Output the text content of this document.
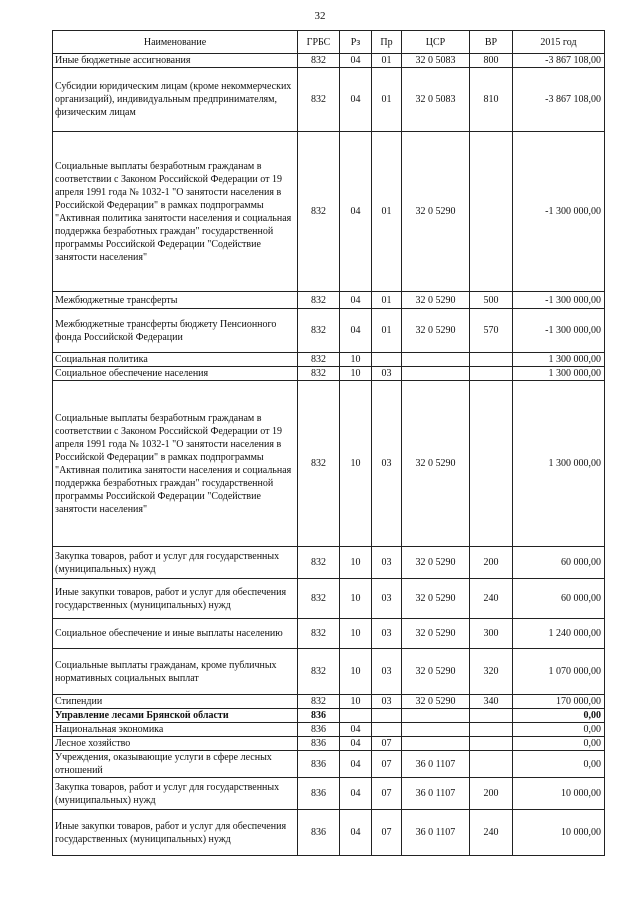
32
Наименование	ГРБС	Рз	Пр	ЦСР	ВР	2015 год
Иные бюджетные ассигнования	832	04	01	32 0 5083	800	-3 867 108,00
Субсидии юридическим лицам (кроме некоммерческих организаций), индивидуальным предпринимателям, физическим лицам	832	04	01	32 0 5083	810	-3 867 108,00
Социальные выплаты безработным гражданам в соответствии с Законом Российской Федерации от 19 апреля 1991 года № 1032-1 "О занятости населения в Российской Федерации" в рамках подпрограммы "Активная политика занятости населения и социальная поддержка безработных граждан" государственной программы Российской Федерации "Содействие занятости населения"	832	04	01	32 0 5290		-1 300 000,00
Межбюджетные трансферты	832	04	01	32 0 5290	500	-1 300 000,00
Межбюджетные трансферты бюджету Пенсионного фонда Российской Федерации	832	04	01	32 0 5290	570	-1 300 000,00
Социальная политика	832	10				1 300 000,00
Социальное обеспечение населения	832	10	03			1 300 000,00
Социальные выплаты безработным гражданам в соответствии с Законом Российской Федерации от 19 апреля 1991 года № 1032-1 "О занятости населения в Российской Федерации" в рамках подпрограммы "Активная политика занятости населения и социальная поддержка безработных граждан" государственной программы Российской Федерации "Содействие занятости населения"	832	10	03	32 0 5290		1 300 000,00
Закупка товаров, работ и услуг для государственных (муниципальных) нужд	832	10	03	32 0 5290	200	60 000,00
Иные закупки товаров, работ и услуг для обеспечения государственных (муниципальных) нужд	832	10	03	32 0 5290	240	60 000,00
Социальное обеспечение и иные выплаты населению	832	10	03	32 0 5290	300	1 240 000,00
Социальные выплаты гражданам, кроме публичных нормативных социальных выплат	832	10	03	32 0 5290	320	1 070 000,00
Стипендии	832	10	03	32 0 5290	340	170 000,00
Управление лесами Брянской области	836					0,00
Национальная экономика	836	04				0,00
Лесное хозяйство	836	04	07			0,00
Учреждения, оказывающие услуги в сфере лесных отношений	836	04	07	36 0 1107		0,00
Закупка товаров, работ и услуг для государственных (муниципальных) нужд	836	04	07	36 0 1107	200	10 000,00
Иные закупки товаров, работ и услуг для обеспечения государственных (муниципальных) нужд	836	04	07	36 0 1107	240	10 000,00
